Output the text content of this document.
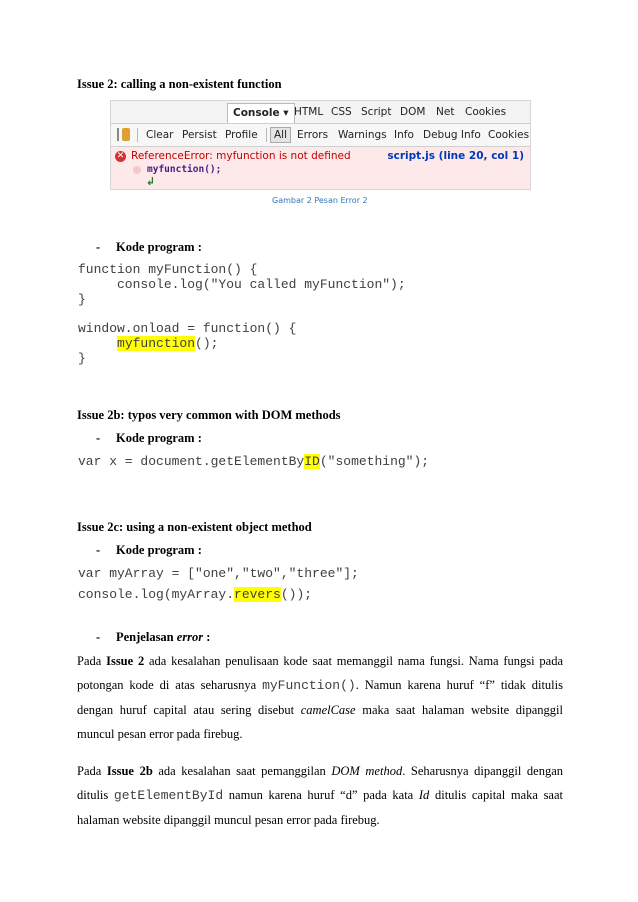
Issue 2: calling a non-existent function
Console ▾ HTML CSS Script DOM Net Cookies
Clear Persist Profile	All Errors Warnings Info Debug Info Cookies
✕ ReferenceError: myfunction is not defined	script.js (line 20, col 1)
myfunction();
↲
Gambar 2 Pesan Error 2
- Kode program :
function myFunction() {
console.log("You called myFunction");
}
window.onload = function() {
myfunction();
}
Issue 2b: typos very common with DOM methods
- Kode program :
var x = document.getElementByID("something");
Issue 2c: using a non-existent object method
- Kode program :
var myArray = ["one","two","three"];
console.log(myArray.revers());
- Penjelasan error :
Pada Issue 2 ada kesalahan penulisaan kode saat memanggil nama fungsi. Nama fungsi pada potongan kode di atas seharusnya myFunction(). Namun karena huruf “f” tidak ditulis dengan huruf capital atau sering disebut camelCase maka saat halaman website dipanggil muncul pesan error pada firebug.
Pada Issue 2b ada kesalahan saat pemanggilan DOM method. Seharusnya dipanggil dengan ditulis getElementById namun karena huruf “d” pada kata Id ditulis capital maka saat halaman website dipanggil muncul pesan error pada firebug.
